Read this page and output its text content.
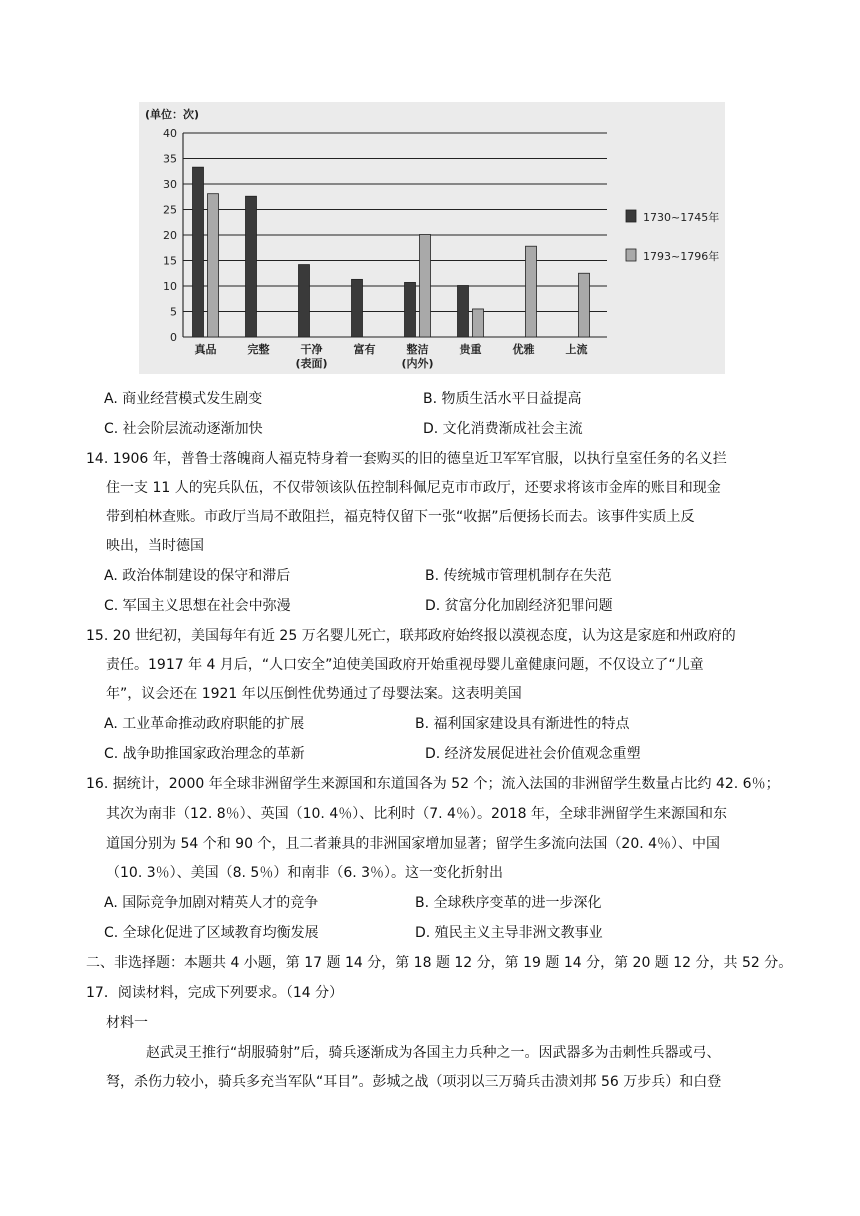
(单位：次)
0
5
10
15
20
25
30
35
40
真品	完整	干净
(表面)
富有	整洁
(内外)
贵重	优雅	上流
1730~1745年
1793~1796年
A. 商业经营模式发生剧变	B. 物质生活水平日益提高
C. 社会阶层流动逐渐加快	D. 文化消费渐成社会主流
14. 1906 年，普鲁士落魄商人福克特身着一套购买的旧的德皇近卫军军官服，以执行皇室任务的名义拦
住一支 11 人的宪兵队伍，不仅带领该队伍控制科佩尼克市市政厅，还要求将该市金库的账目和现金
带到柏林查账。市政厅当局不敢阻拦，福克特仅留下一张“收据”后便扬长而去。该事件实质上反
映出，当时德国
A. 政治体制建设的保守和滞后	B. 传统城市管理机制存在失范
C. 军国主义思想在社会中弥漫	D. 贫富分化加剧经济犯罪问题
15. 20 世纪初，美国每年有近 25 万名婴儿死亡，联邦政府始终报以漠视态度，认为这是家庭和州政府的
责任。1917 年 4 月后，“人口安全”迫使美国政府开始重视母婴儿童健康问题，不仅设立了“儿童
年”，议会还在 1921 年以压倒性优势通过了母婴法案。这表明美国
A. 工业革命推动政府职能的扩展	B. 福利国家建设具有渐进性的特点
C. 战争助推国家政治理念的革新	D. 经济发展促进社会价值观念重塑
16. 据统计，2000 年全球非洲留学生来源国和东道国各为 52 个；流入法国的非洲留学生数量占比约 42. 6％；
其次为南非（12. 8％）、英国（10. 4％）、比利时（7. 4％）。2018 年，全球非洲留学生来源国和东
道国分别为 54 个和 90 个，且二者兼具的非洲国家增加显著；留学生多流向法国（20. 4％）、中国
（10. 3％）、美国（8. 5％）和南非（6. 3％）。这一变化折射出
A. 国际竞争加剧对精英人才的竞争	B. 全球秩序变革的进一步深化
C. 全球化促进了区域教育均衡发展	D. 殖民主义主导非洲文教事业
二、非选择题：本题共 4 小题，第 17 题 14 分，第 18 题 12 分，第 19 题 14 分，第 20 题 12 分，共 52 分。
17．阅读材料，完成下列要求。（14 分）
材料一
赵武灵王推行“胡服骑射”后，骑兵逐渐成为各国主力兵种之一。因武器多为击刺性兵器或弓、
弩，杀伤力较小，骑兵多充当军队“耳目”。彭城之战（项羽以三万骑兵击溃刘邦 56 万步兵）和白登
